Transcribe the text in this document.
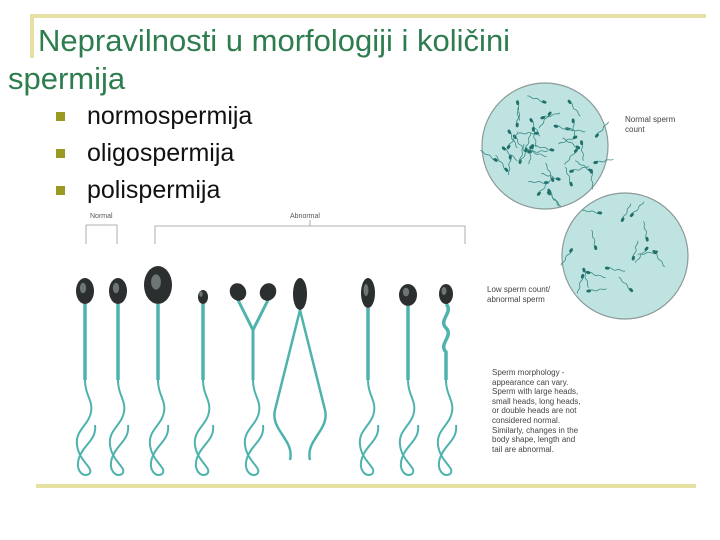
Nepravilnosti u morfologiji i količini
spermija
normospermija
oligospermija
polispermija
Normal	Abnormal
Normal sperm
count
Low sperm count/
abnormal sperm
Sperm morphology -
appearance can vary.
Sperm with large heads,
small heads, long heads,
or double heads are not
considered normal.
Similarly, changes in the
body shape, length and
tail are abnormal.
